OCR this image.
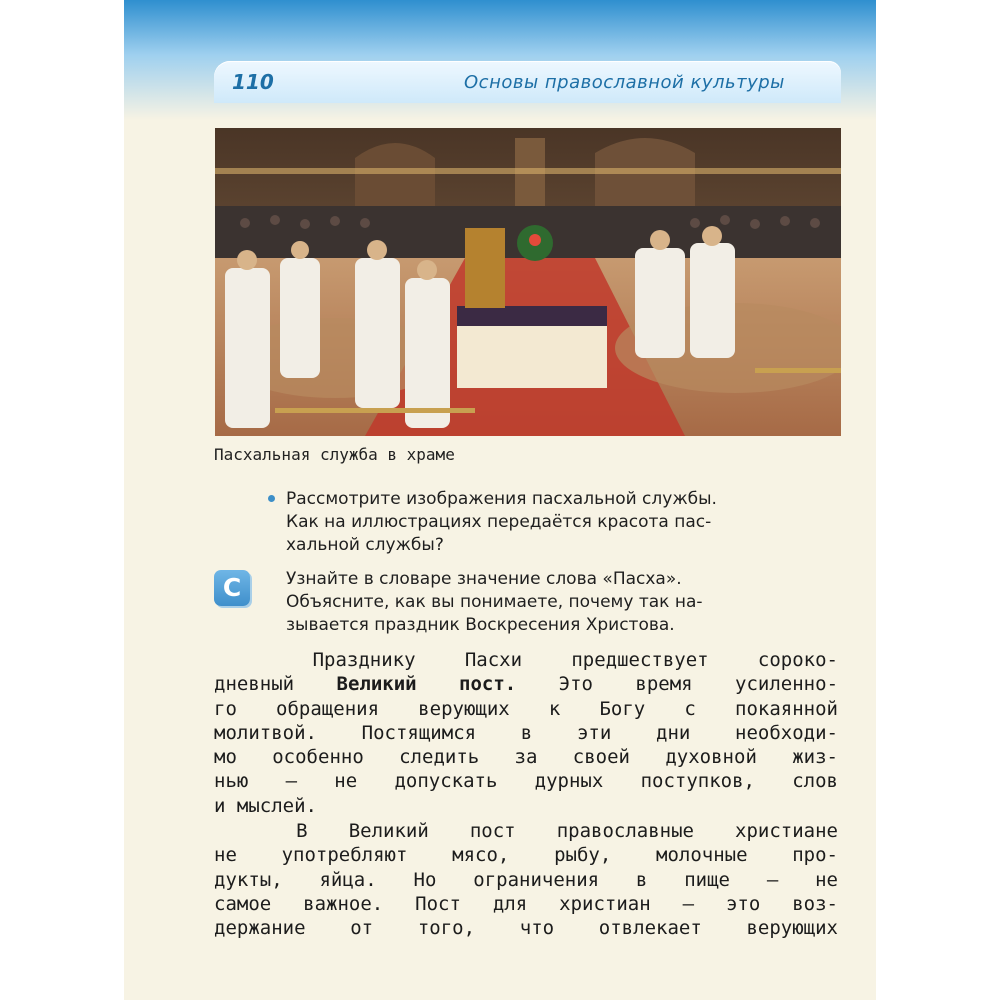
110	Основы православной культуры
Пасхальная служба в храме
Рассмотрите изображения пасхальной службы.
Как на иллюстрациях передаётся красота пас-
хальной службы?
С	Узнайте в словаре значение слова «Пасха».
Объясните, как вы понимаете, почему так на-
зывается праздник Воскресения Христова.
Празднику Пасхи предшествует сороко-
дневный Великий пост. Это время усиленно-
го обращения верующих к Богу с покаянной
молитвой. Постящимся в эти дни необходи-
мо особенно следить за своей духовной жиз-
нью — не допускать дурных поступков, слов
и мыслей.
В Великий пост православные христиане
не употребляют мясо, рыбу, молочные про-
дукты, яйца. Но ограничения в пище — не
самое важное. Пост для христиан — это воз-
держание от того, что отвлекает верующих
